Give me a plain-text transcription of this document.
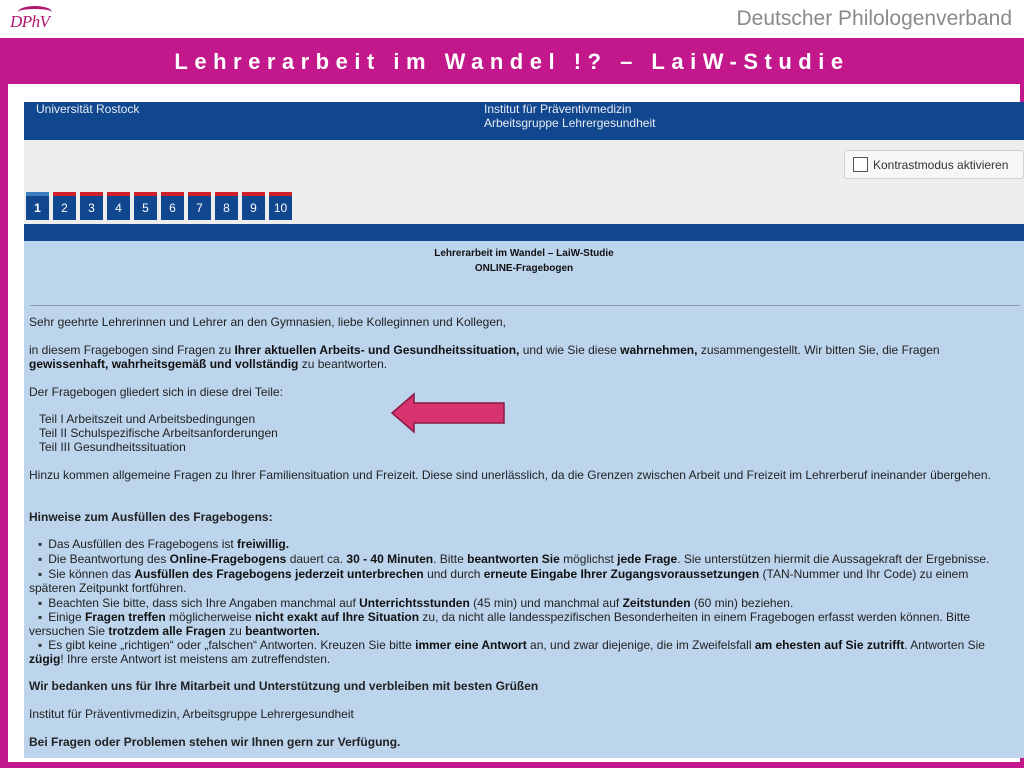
DPhV	Deutscher Philologenverband
Lehrerarbeit im Wandel !? – LaiW-Studie
Universität Rostock	Institut für Präventivmedizin
Arbeitsgruppe Lehrergesundheit
Kontrastmodus aktivieren
1	2	3	4	5	6	7	8	9	10
Lehrerarbeit im Wandel – LaiW-Studie
ONLINE-Fragebogen
Sehr geehrte Lehrerinnen und Lehrer an den Gymnasien, liebe Kolleginnen und Kollegen,
in diesem Fragebogen sind Fragen zu Ihrer aktuellen Arbeits- und Gesundheitssituation, und wie Sie diese wahrnehmen, zusammengestellt. Wir bitten Sie, die Fragen
gewissenhaft, wahrheitsgemäß und vollständig zu beantworten.
Der Fragebogen gliedert sich in diese drei Teile:
Teil I Arbeitszeit und Arbeitsbedingungen
Teil II Schulspezifische Arbeitsanforderungen
Teil III Gesundheitssituation
Hinzu kommen allgemeine Fragen zu Ihrer Familiensituation und Freizeit. Diese sind unerlässlich, da die Grenzen zwischen Arbeit und Freizeit im Lehrerberuf ineinander übergehen.
Hinweise zum Ausfüllen des Fragebogens:
▪ Das Ausfüllen des Fragebogens ist freiwillig.
▪ Die Beantwortung des Online-Fragebogens dauert ca. 30 - 40 Minuten. Bitte beantworten Sie möglichst jede Frage. Sie unterstützen hiermit die Aussagekraft der Ergebnisse.
▪ Sie können das Ausfüllen des Fragebogens jederzeit unterbrechen und durch erneute Eingabe Ihrer Zugangsvoraussetzungen (TAN-Nummer und Ihr Code) zu einem
späteren Zeitpunkt fortführen.
▪ Beachten Sie bitte, dass sich Ihre Angaben manchmal auf Unterrichtsstunden (45 min) und manchmal auf Zeitstunden (60 min) beziehen.
▪ Einige Fragen treffen möglicherweise nicht exakt auf Ihre Situation zu, da nicht alle landesspezifischen Besonderheiten in einem Fragebogen erfasst werden können. Bitte
versuchen Sie trotzdem alle Fragen zu beantworten.
▪ Es gibt keine „richtigen“ oder „falschen“ Antworten. Kreuzen Sie bitte immer eine Antwort an, und zwar diejenige, die im Zweifelsfall am ehesten auf Sie zutrifft. Antworten Sie
zügig! Ihre erste Antwort ist meistens am zutreffendsten.
Wir bedanken uns für Ihre Mitarbeit und Unterstützung und verbleiben mit besten Grüßen
Institut für Präventivmedizin, Arbeitsgruppe Lehrergesundheit
Bei Fragen oder Problemen stehen wir Ihnen gern zur Verfügung.
